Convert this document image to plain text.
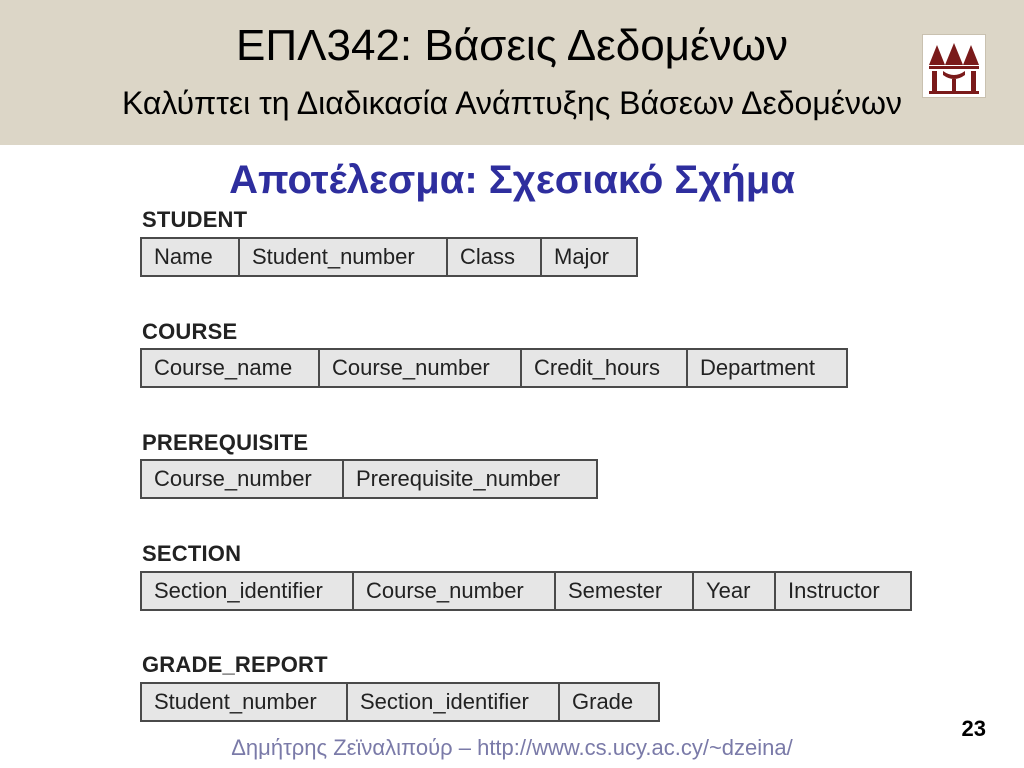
ΕΠΛ342: Βάσεις Δεδομένων
Καλύπτει τη Διαδικασία Ανάπτυξης Βάσεων Δεδομένων
Αποτέλεσμα: Σχεσιακό Σχήμα
STUDENT
Name	Student_number	Class	Major
COURSE
Course_name	Course_number	Credit_hours	Department
PREREQUISITE
Course_number	Prerequisite_number
SECTION
Section_identifier	Course_number	Semester	Year	Instructor
GRADE_REPORT
Student_number	Section_identifier	Grade
23
Δημήτρης Ζεϊναλιπούρ – http://www.cs.ucy.ac.cy/~dzeina/
